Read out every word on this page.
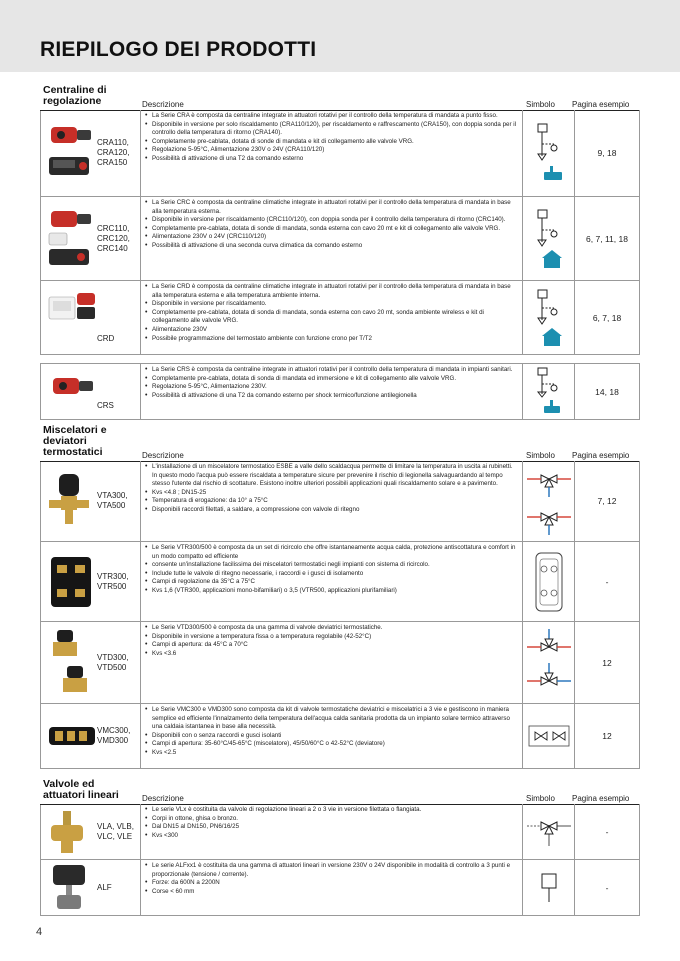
RIEPILOGO DEI PRODOTTI
Centraline di
regolazione	Descrizione	Simbolo Pagina esempio
CRA110,
CRA120,
CRA150
• La Serie CRA è composta da centraline integrate in attuatori rotativi per il controllo della temperatura di mandata a punto fisso.
• Disponibile in versione per solo riscaldamento (CRA110/120), per riscaldamento e raffrescamento (CRA150), con doppia sonda per il controllo della temperatura di ritorno (CRA140).
• Completamente pre-cablata, dotata di sonde di mandata e kit di collegamento alle valvole VRG.
• Regolazione 5-95°C, Alimentazione 230V o 24V (CRA110/120)
• Possibilità di attivazione di una T2 da comando esterno
9, 18
CRC110,
CRC120,
CRC140
• La Serie CRC è composta da centraline climatiche integrate in attuatori rotativi per il controllo della temperatura di mandata in base alla temperatura esterna.
• Disponibile in versione per riscaldamento (CRC110/120), con doppia sonda per il controllo della temperatura di ritorno (CRC140).
• Completamente pre-cablata, dotata di sonde di mandata, sonda esterna con cavo 20 mt e kit di collegamento alle valvole VRG.
• Alimentazione 230V o 24V (CRC110/120)
• Possibilità di attivazione di una seconda curva climatica da comando esterno
6, 7, 11, 18
CRD
• La Serie CRD è composta da centraline climatiche integrate in attuatori rotativi per il controllo della temperatura di mandata in base alla temperatura esterna e alla temperatura ambiente interna.
• Disponibile in versione per riscaldamento.
• Completamente pre-cablata, dotata di sonda di mandata, sonda esterna con cavo 20 mt, sonda ambiente wireless e kit di collegamento alle valvole VRG.
• Alimentazione 230V
• Possibile programmazione del termostato ambiente con funzione crono per T/T2
6, 7, 18
CRS
• La Serie CRS è composta da centraline integrate in attuatori rotativi per il controllo della temperatura di mandata in impianti sanitari.
• Completamente pre-cablata, dotata di sonda di mandata ed immersione e kit di collegamento alle valvole VRG.
• Regolazione 5-95°C, Alimentazione 230V.
• Possibilità di attivazione di una T2 da comando esterno per shock termico/funzione antilegionella	14, 18
Miscelatori e
deviatori
termostatici	Descrizione	Simbolo Pagina esempio
VTA300,
VTA500
• L'installazione di un miscelatore termostatico ESBE a valle dello scaldacqua permette di limitare la temperatura in uscita ai rubinetti. In questo modo l'acqua può essere riscaldata a temperature sicure per prevenire il rischio di legionella salvaguardando al tempo stesso l'utente dal rischio di scottature. Esistono inoltre ulteriori possibili applicazioni quali riscaldamento solare e a pavimento.
• Kvs <4.8 ; DN15-25
• Temperatura di erogazione: da 10° a 75°C
• Disponibili raccordi filettati, a saldare, a compressione con valvole di ritegno
7, 12
VTR300,
VTR500
• Le Serie VTR300/500 è composta da un set di ricircolo che offre istantaneamente acqua calda, protezione antiscottatura e comfort in un modo compatto ed efficiente
• consente un'installazione facilissima dei miscelatori termostatici negli impianti con sistema di ricircolo.
• Include tutte le valvole di ritegno necessarie, i raccordi e i gusci di isolamento
• Campi di regolazione da 35°C a 75°C
• Kvs 1,6 (VTR300, applicazioni mono-bifamiliari) o 3,5 (VTR500, applicazioni plurifamiliari)
-
VTD300,
VTD500
• Le Serie VTD300/500 è composta da una gamma di valvole deviatrici termostatiche.
• Disponibile in versione a temperatura fissa o a temperatura regolabile (42-52°C)
• Campi di apertura: da 45°C a 70°C
• Kvs <3.6
12
VMC300,
VMD300
• Le Serie VMC300 e VMD300 sono composta da kit di valvole termostatiche deviatrici e miscelatrici a 3 vie e gestiscono in maniera semplice ed efficiente l'innalzamento della temperatura dell'acqua calda sanitaria prodotta da un impianto solare termico attraverso una caldaia istantanea in base alla necessità.
• Disponibili con o senza raccordi e gusci isolanti
• Campi di apertura: 35-60°C/45-65°C (miscelatore), 45/50/60°C o 42-52°C (deviatore)
• Kvs <2.5
12
Valvole ed
attuatori lineari	Descrizione	Simbolo Pagina esempio
VLA, VLB,
VLC, VLE
• Le serie VLx è costituita da valvole di regolazione lineari a 2 o 3 vie in versione filettata o flangiata.
• Corpi in ottone, ghisa o bronzo.
• Dal DN15 al DN150, PN6/16/25
• Kvs <300	-
ALF
• Le serie ALFxx1 è costituita da una gamma di attuatori lineari in versione 230V o 24V disponibile in modalità di controllo a 3 punti e proporzionale (tensione / corrente).
• Forze: da 600N a 2200N
• Corse < 60 mm	-
4
